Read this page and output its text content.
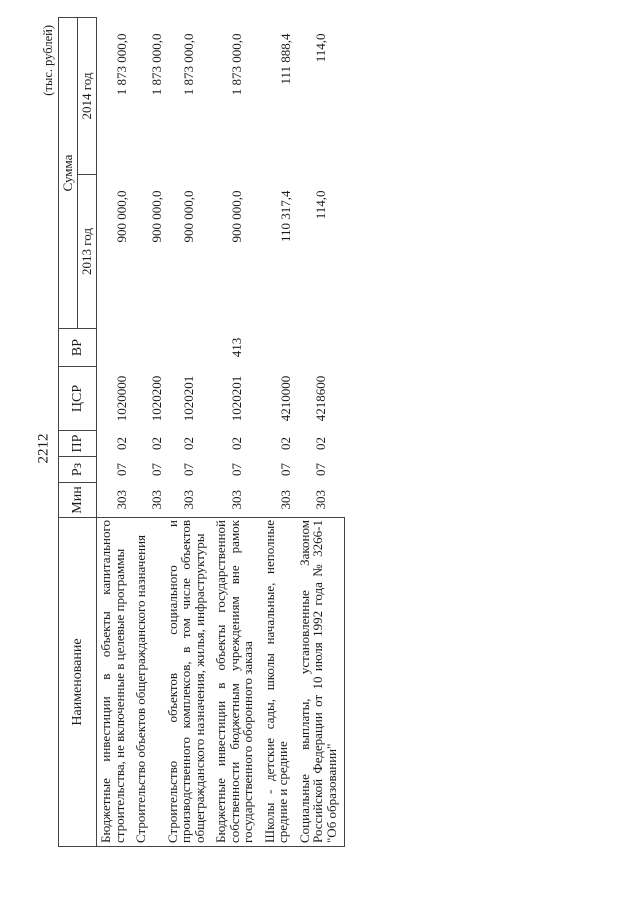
2212
(тыс. рублей)
Наименование	Мин	Рз	ПР	ЦСР	ВР	Сумма	
						2013 год	2014 год
Бюджетные инвестиции в объекты капитального строительства, не включенные в целевые программы	303	07	02	1020000		900 000,0	1 873 000,0
Строительство объектов общегражданского назначения	303	07	02	1020200		900 000,0	1 873 000,0
Строительство объектов социального и производственного комплексов, в том числе объектов общегражданского назначения, жилья, инфраструктуры	303	07	02	1020201		900 000,0	1 873 000,0
Бюджетные инвестиции в объекты государственной собственности бюджетным учреждениям вне рамок государственного оборонного заказа	303	07	02	1020201	413	900 000,0	1 873 000,0
Школы - детские сады, школы начальные, неполные средние и средние	303	07	02	4210000		110 317,4	111 888,4
Социальные выплаты, установленные Законом Российской Федерации от 10 июля 1992 года № 3266-1 "Об образовании"	303	07	02	4218600		114,0	114,0
